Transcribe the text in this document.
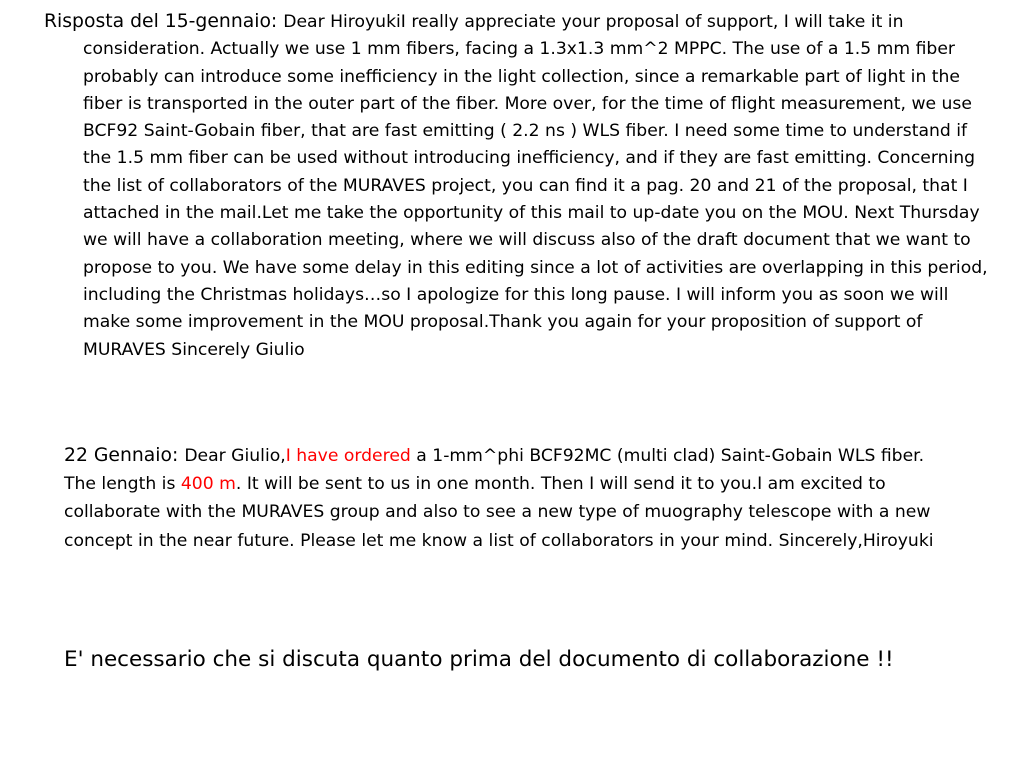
Risposta del 15-gennaio: Dear HiroyukiI really appreciate your proposal of support, I will take it in consideration. Actually we use 1 mm fibers, facing a 1.3x1.3 mm^2 MPPC. The use of a 1.5 mm fiber probably can introduce some inefficiency in the light collection, since a remarkable part of light in the fiber is transported in the outer part of the fiber. More over, for the time of flight measurement, we use BCF92 Saint-Gobain fiber, that are fast emitting ( 2.2 ns ) WLS fiber. I need some time to understand if the 1.5 mm fiber can be used without introducing inefficiency, and if they are fast emitting. Concerning the list of collaborators of the MURAVES project, you can find it a pag. 20 and 21 of the proposal, that I attached in the mail.Let me take the opportunity of this mail to up-date you on the MOU. Next Thursday we will have a collaboration meeting, where we will discuss also of the draft document that we want to propose to you. We have some delay in this editing since a lot of activities are overlapping in this period, including the Christmas holidays…so I apologize for this long pause. I will inform you as soon we will make some improvement in the MOU proposal.Thank you again for your proposition of support of MURAVES Sincerely Giulio

22 Gennaio: Dear Giulio,I have ordered a 1-mm^phi BCF92MC (multi clad) Saint-Gobain WLS fiber. The length is 400 m. It will be sent to us in one month. Then I will send it to you.I am excited to collaborate with the MURAVES group and also to see a new type of muography telescope with a new concept in the near future. Please let me know a list of collaborators in your mind. Sincerely,Hiroyuki

E' necessario che si discuta quanto prima del documento di collaborazione !!
